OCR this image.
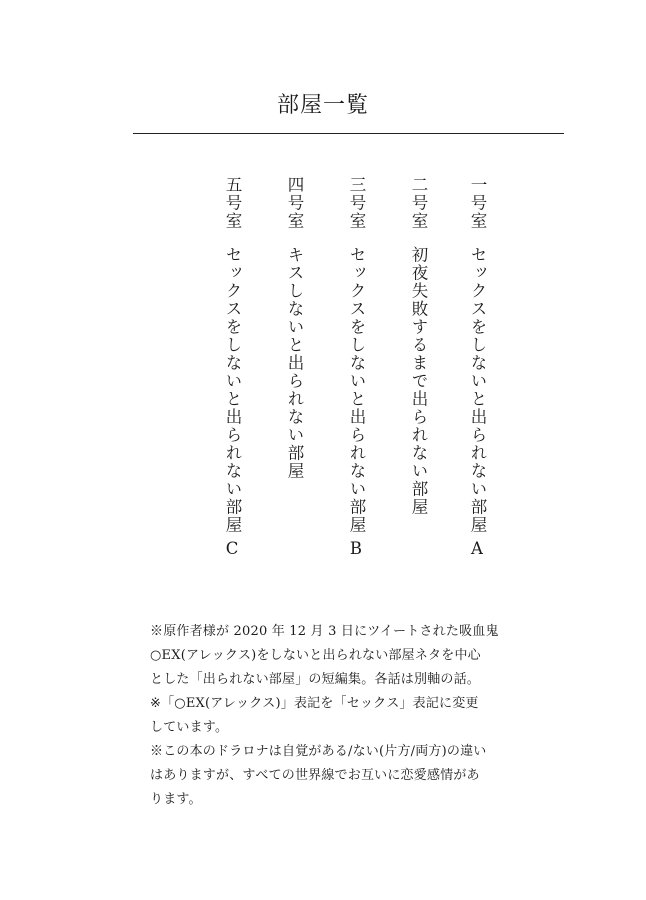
部屋一覧
一号室
セックスをしないと出られない部屋
A
二号室
初夜失敗するまで出られない部屋
三号室
セックスをしないと出られない部屋
B
四号室
キスしないと出られない部屋
五号室
セックスをしないと出られない部屋
C
※原作者様が 2020 年 12 月 3 日にツイートされた吸血鬼
○EX(アレックス)をしないと出られない部屋ネタを中心
とした「出られない部屋」の短編集。各話は別軸の話。
※「○EX(アレックス)」表記を「セックス」表記に変更
しています。
※この本のドラロナは自覚がある/ない(片方/両方)の違い
はありますが、すべての世界線でお互いに恋愛感情があ
ります。
